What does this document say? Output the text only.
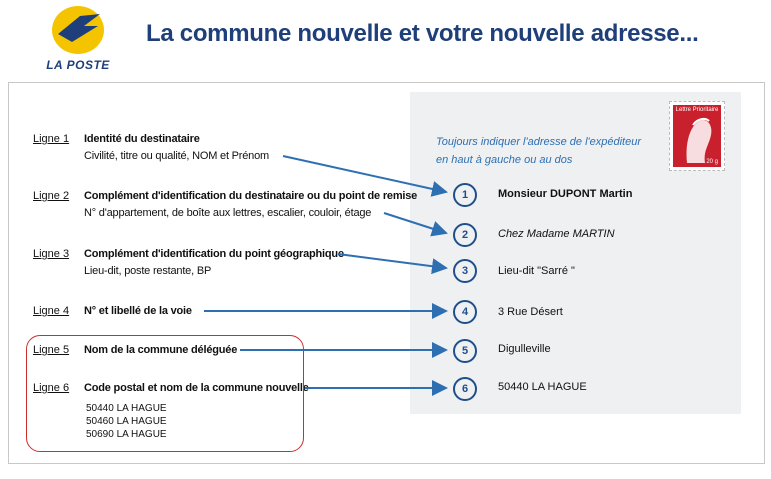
LA POSTE
La commune nouvelle et votre nouvelle adresse...
Lettre Prioritaire
20 g
Toujours indiquer l'adresse de l'expéditeur
en haut à gauche ou au dos
Ligne 1 Identité du destinataire
Civilité, titre ou qualité, NOM et Prénom
Ligne 2 Complément d'identification du destinataire ou du point de remise
N° d'appartement, de boîte aux lettres, escalier, couloir, étage
Ligne 3 Complément d'identification du point géographique
Lieu-dit, poste restante, BP
Ligne 4 N° et libellé de la voie
Ligne 5 Nom de la commune déléguée
Ligne 6 Code postal et nom de la commune nouvelle
50440 LA HAGUE
50460 LA HAGUE
50690 LA HAGUE
1
2
3
4
5
6
Monsieur DUPONT Martin
Chez Madame MARTIN
Lieu-dit "Sarré "
3 Rue Désert
Digulleville
50440 LA HAGUE
